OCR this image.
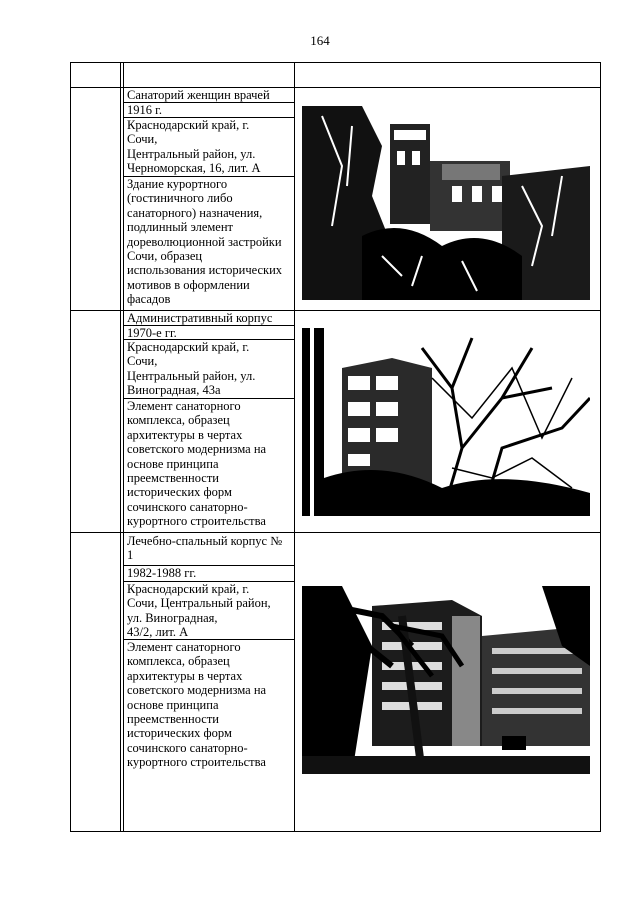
164
Санаторий женщин врачей
1916 г.
Краснодарский край, г.
Сочи,
Центральный район, ул.
Черноморская, 16, лит. А
Здание курортного
(гостиничного либо
санаторного) назначения,
подлинный элемент
дореволюционной застройки
Сочи, образец
использования исторических
мотивов в оформлении
фасадов
Административный корпус
1970-е гг.
Краснодарский край, г.
Сочи,
Центральный район, ул.
Виноградная, 43а
Элемент санаторного
комплекса, образец
архитектуры в чертах
советского модернизма на
основе принципа
преемственности
исторических форм
сочинского санаторно-
курортного строительства
Лечебно-спальный корпус №
1
1982-1988 гг.
Краснодарский край, г.
Сочи, Центральный район,
ул. Виноградная,
43/2, лит. А
Элемент санаторного
комплекса, образец
архитектуры в чертах
советского модернизма на
основе принципа
преемственности
исторических форм
сочинского санаторно-
курортного строительства
